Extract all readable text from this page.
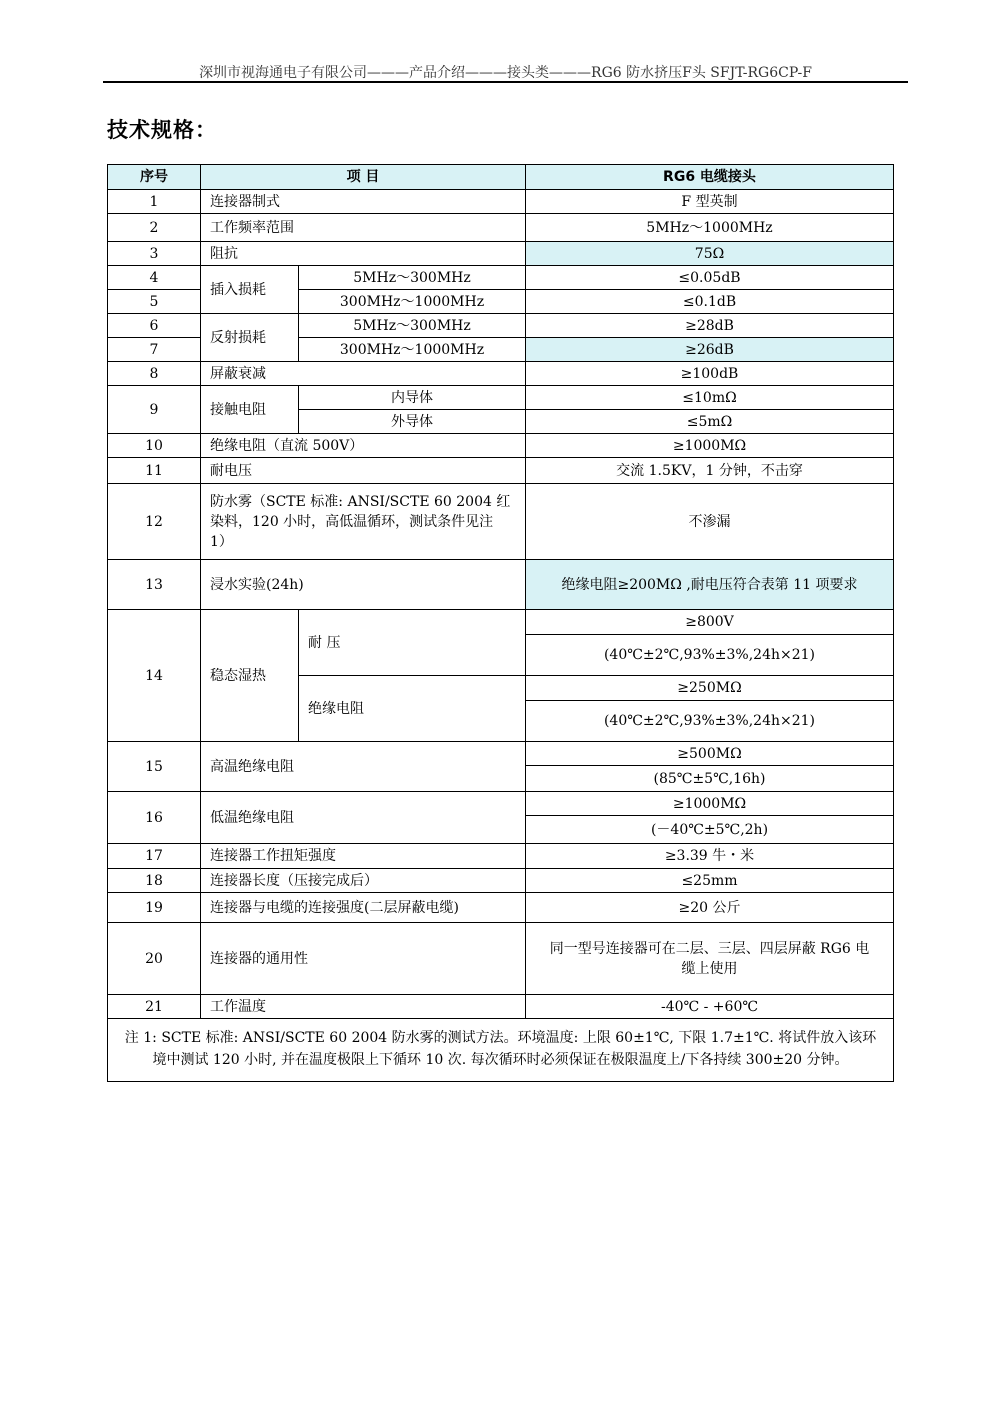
深圳市视海通电子有限公司———产品介绍———接头类———RG6 防水挤压F头 SFJT-RG6CP-F
技术规格：
序号	项 目		RG6 电缆接头
1	连接器制式		F 型英制
2	工作频率范围		5MHz～1000MHz
3	阻抗		75Ω
4	插入损耗	5MHz～300MHz	≤0.05dB
5		300MHz～1000MHz	≤0.1dB
6	反射损耗	5MHz～300MHz	≥28dB
7		300MHz～1000MHz	≥26dB
8	屏蔽衰减		≥100dB
9	接触电阻	内导体	≤10mΩ
		外导体	≤5mΩ
10	绝缘电阻（直流 500V）		≥1000MΩ
11	耐电压		交流 1.5KV，1 分钟，不击穿
12	防水雾（SCTE 标准: ANSI/SCTE 60 2004 红染料，120 小时，高低温循环，测试条件见注 1）		不渗漏
13	浸水实验(24h)		绝缘电阻≥200MΩ ,耐电压符合表第 11 项要求
14	稳态湿热	耐 压	≥800V
			(40℃±2℃,93%±3%,24h×21)
		绝缘电阻	≥250MΩ
			(40℃±2℃,93%±3%,24h×21)
15	高温绝缘电阻		≥500MΩ
			(85℃±5℃,16h)
16	低温绝缘电阻		≥1000MΩ
			(－40℃±5℃,2h)
17	连接器工作扭矩强度		≥3.39 牛・米
18	连接器长度（压接完成后）		≤25mm
19	连接器与电缆的连接强度(二层屏蔽电缆)		≥20 公斤
20	连接器的通用性		同一型号连接器可在二层、三层、四层屏蔽 RG6 电缆上使用
21	工作温度		-40℃ - +60℃
注 1: SCTE 标准: ANSI/SCTE 60 2004 防水雾的测试方法。环境温度: 上限 60±1℃, 下限 1.7±1℃. 将试件放入该环境中测试 120 小时, 并在温度极限上下循环 10 次. 每次循环时必须保证在极限温度上/下各持续 300±20 分钟。			
